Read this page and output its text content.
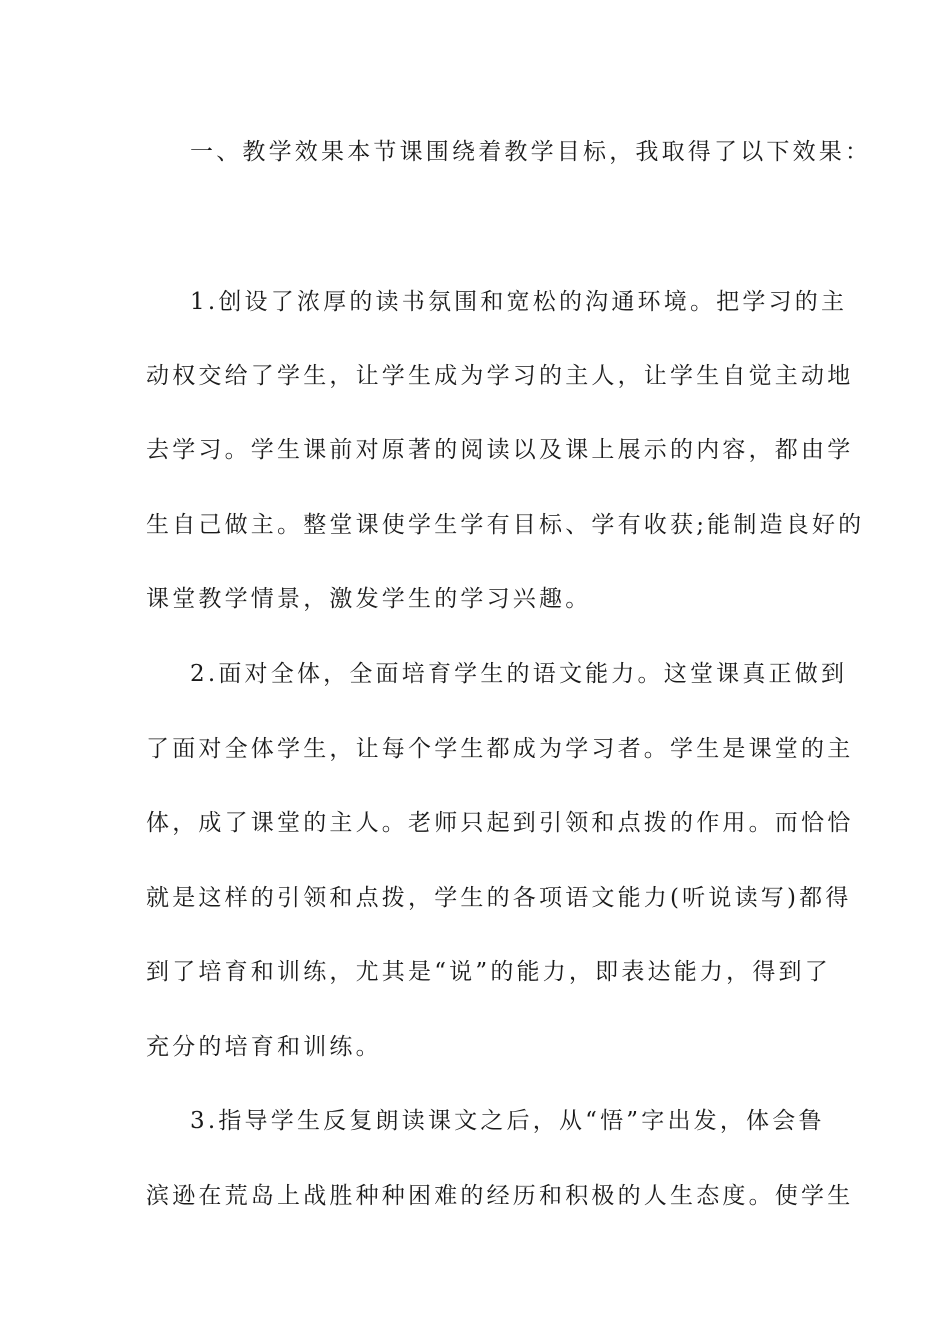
一、教学效果本节课围绕着教学目标，我取得了以下效果：

1.创设了浓厚的读书氛围和宽松的沟通环境。把学习的主

动权交给了学生，让学生成为学习的主人，让学生自觉主动地

去学习。学生课前对原著的阅读以及课上展示的内容，都由学

生自己做主。整堂课使学生学有目标、学有收获;能制造良好的

课堂教学情景，激发学生的学习兴趣。

2.面对全体，全面培育学生的语文能力。这堂课真正做到

了面对全体学生，让每个学生都成为学习者。学生是课堂的主

体，成了课堂的主人。老师只起到引领和点拨的作用。而恰恰

就是这样的引领和点拨，学生的各项语文能力(听说读写)都得

到了培育和训练，尤其是“说”的能力，即表达能力，得到了

充分的培育和训练。

3.指导学生反复朗读课文之后，从“悟”字出发，体会鲁

滨逊在荒岛上战胜种种困难的经历和积极的人生态度。使学生
